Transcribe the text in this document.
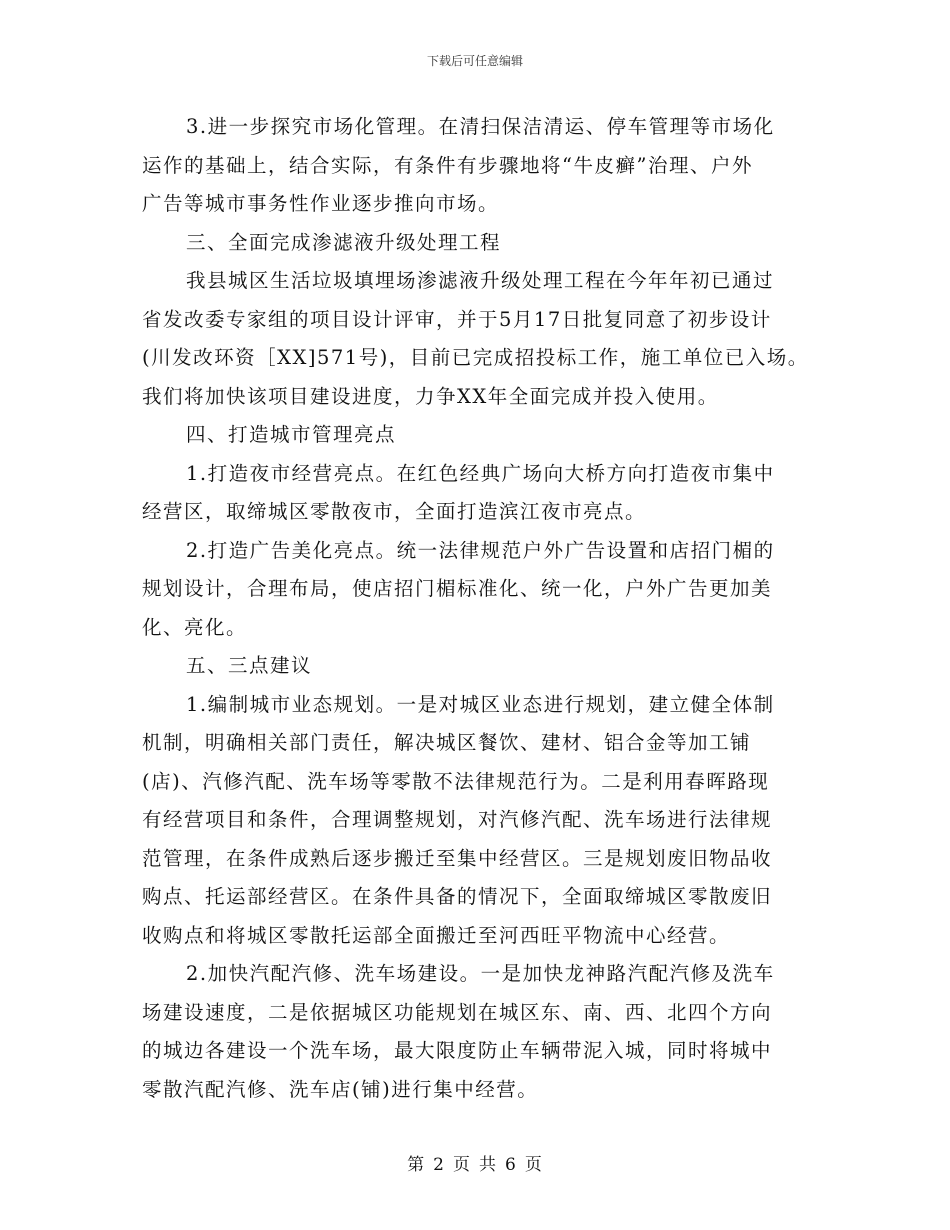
下载后可任意编辑
3.进一步探究市场化管理。在清扫保洁清运、停车管理等市场化
运作的基础上，结合实际，有条件有步骤地将“牛皮癣”治理、户外
广告等城市事务性作业逐步推向市场。
三、全面完成渗滤液升级处理工程
我县城区生活垃圾填埋场渗滤液升级处理工程在今年年初已通过
省发改委专家组的项目设计评审，并于5月17日批复同意了初步设计
(川发改环资［XX]571号)，目前已完成招投标工作，施工单位已入场。
我们将加快该项目建设进度，力争XX年全面完成并投入使用。
四、打造城市管理亮点
1.打造夜市经营亮点。在红色经典广场向大桥方向打造夜市集中
经营区，取缔城区零散夜市，全面打造滨江夜市亮点。
2.打造广告美化亮点。统一法律规范户外广告设置和店招门楣的
规划设计，合理布局，使店招门楣标准化、统一化，户外广告更加美
化、亮化。
五、三点建议
1.编制城市业态规划。一是对城区业态进行规划，建立健全体制
机制，明确相关部门责任，解决城区餐饮、建材、铝合金等加工铺
(店)、汽修汽配、洗车场等零散不法律规范行为。二是利用春晖路现
有经营项目和条件，合理调整规划，对汽修汽配、洗车场进行法律规
范管理，在条件成熟后逐步搬迁至集中经营区。三是规划废旧物品收
购点、托运部经营区。在条件具备的情况下，全面取缔城区零散废旧
收购点和将城区零散托运部全面搬迁至河西旺平物流中心经营。
2.加快汽配汽修、洗车场建设。一是加快龙神路汽配汽修及洗车
场建设速度，二是依据城区功能规划在城区东、南、西、北四个方向
的城边各建设一个洗车场，最大限度防止车辆带泥入城，同时将城中
零散汽配汽修、洗车店(铺)进行集中经营。
第 2 页 共 6 页
